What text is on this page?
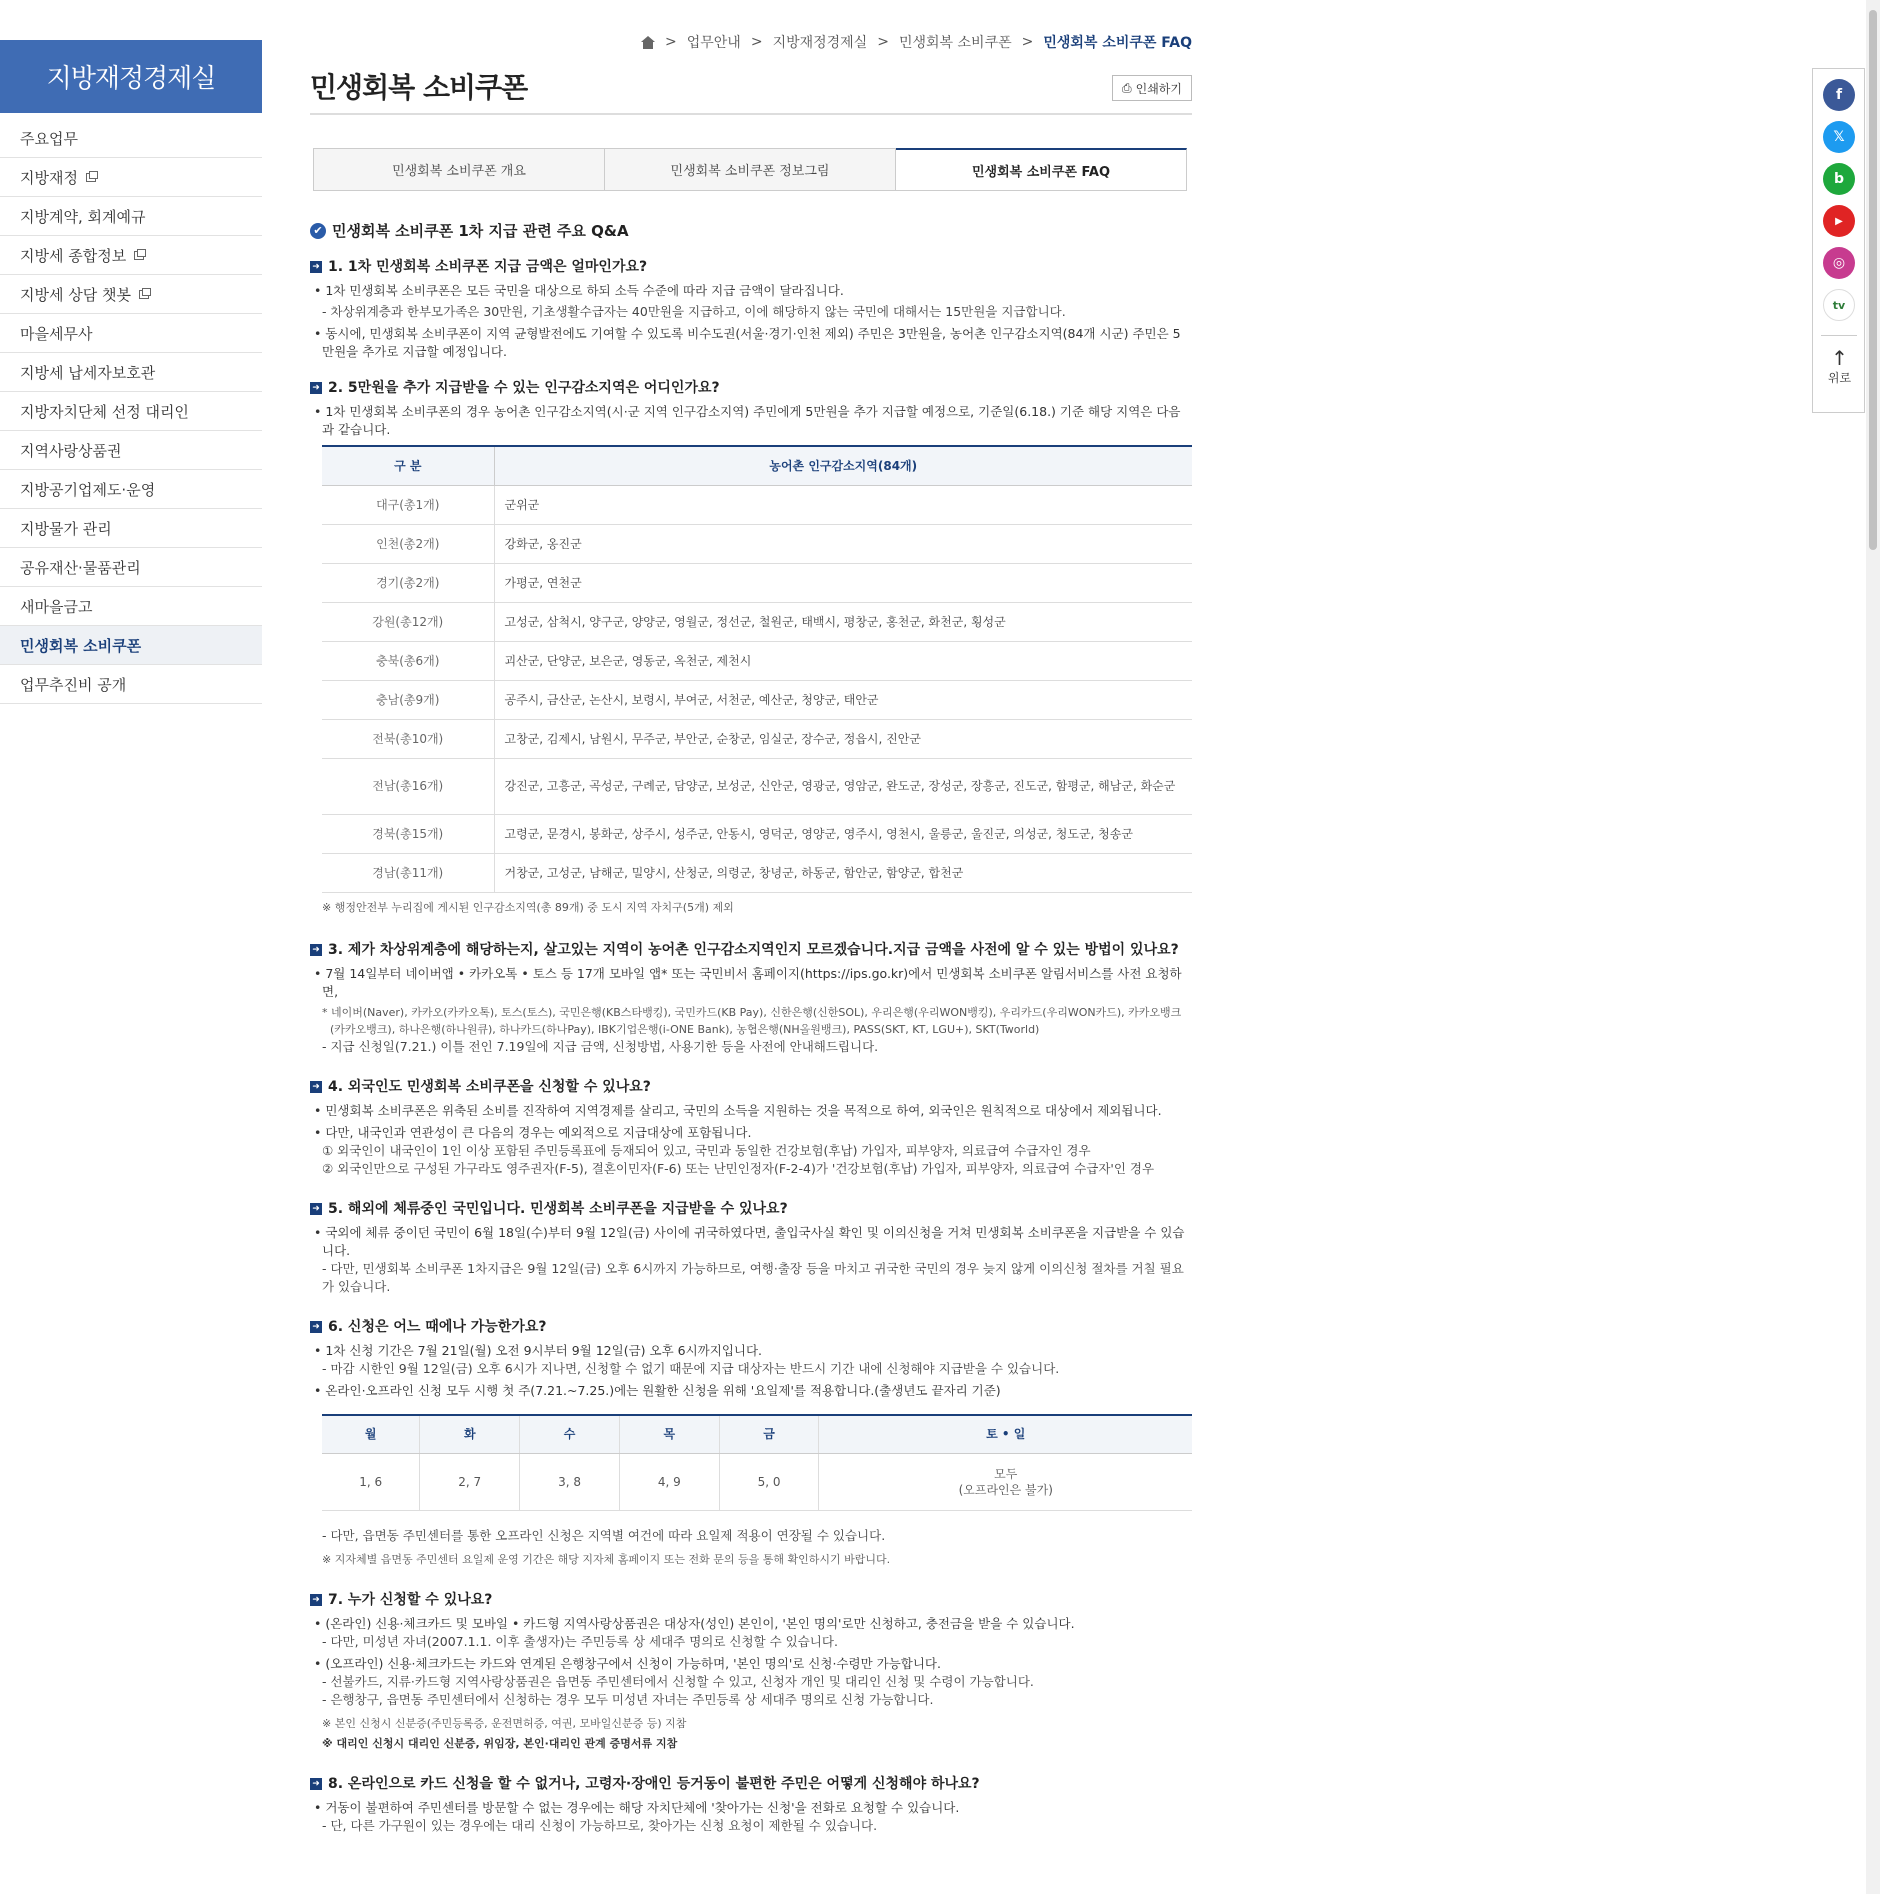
지방재정경제실
주요업무
지방재정
지방계약, 회계예규
지방세 종합정보
지방세 상담 챗봇
마을세무사
지방세 납세자보호관
지방자치단체 선정 대리인
지역사랑상품권
지방공기업제도·운영
지방물가 관리
공유재산·물품관리
새마을금고
민생회복 소비쿠폰
업무추진비 공개
> 업무안내 > 지방재정경제실 > 민생회복 소비쿠폰 > 민생회복 소비쿠폰 FAQ
민생회복 소비쿠폰	⎙ 인쇄하기
민생회복 소비쿠폰 개요	민생회복 소비쿠폰 정보그림	민생회복 소비쿠폰 FAQ
✔ 민생회복 소비쿠폰 1차 지급 관련 주요 Q&A
➜ 1. 1차 민생회복 소비쿠폰 지급 금액은 얼마인가요?

• 1차 민생회복 소비쿠폰은 모든 국민을 대상으로 하되 소득 수준에 따라 지급 금액이 달라집니다.

- 차상위계층과 한부모가족은 30만원, 기초생활수급자는 40만원을 지급하고, 이에 해당하지 않는 국민에 대해서는 15만원을 지급합니다.

• 동시에, 민생회복 소비쿠폰이 지역 균형발전에도 기여할 수 있도록 비수도권(서울·경기·인천 제외) 주민은 3만원을, 농어촌 인구감소지역(84개 시군) 주민은 5만원을 추가로 지급할 예정입니다.

➜ 2. 5만원을 추가 지급받을 수 있는 인구감소지역은 어디인가요?

• 1차 민생회복 소비쿠폰의 경우 농어촌 인구감소지역(시·군 지역 인구감소지역) 주민에게 5만원을 추가 지급할 예정으로, 기준일(6.18.) 기준 해당 지역은 다음과 같습니다.

구 분	농어촌 인구감소지역(84개)
대구(총1개)	군위군
인천(총2개)	강화군, 옹진군
경기(총2개)	가평군, 연천군
강원(총12개)	고성군, 삼척시, 양구군, 양양군, 영월군, 정선군, 철원군, 태백시, 평창군, 홍천군, 화천군, 횡성군
충북(총6개)	괴산군, 단양군, 보은군, 영동군, 옥천군, 제천시
충남(총9개)	공주시, 금산군, 논산시, 보령시, 부여군, 서천군, 예산군, 청양군, 태안군
전북(총10개)	고창군, 김제시, 남원시, 무주군, 부안군, 순창군, 임실군, 장수군, 정읍시, 진안군
전남(총16개)	강진군, 고흥군, 곡성군, 구례군, 담양군, 보성군, 신안군, 영광군, 영암군, 완도군, 장성군, 장흥군, 진도군, 함평군, 해남군, 화순군
경북(총15개)	고령군, 문경시, 봉화군, 상주시, 성주군, 안동시, 영덕군, 영양군, 영주시, 영천시, 울릉군, 울진군, 의성군, 청도군, 청송군
경남(총11개)	거창군, 고성군, 남해군, 밀양시, 산청군, 의령군, 창녕군, 하동군, 함안군, 함양군, 합천군
※ 행정안전부 누리집에 게시된 인구감소지역(총 89개) 중 도시 지역 자치구(5개) 제외
➜ 3. 제가 차상위계층에 해당하는지, 살고있는 지역이 농어촌 인구감소지역인지 모르겠습니다.지급 금액을 사전에 알 수 있는 방법이 있나요?

• 7월 14일부터 네이버앱 • 카카오톡 • 토스 등 17개 모바일 앱* 또는 국민비서 홈페이지(https://ips.go.kr)에서 민생회복 소비쿠폰 알림서비스를 사전 요청하면,

* 네이버(Naver), 카카오(카카오톡), 토스(토스), 국민은행(KB스타뱅킹), 국민카드(KB Pay), 신한은행(신한SOL), 우리은행(우리WON뱅킹), 우리카드(우리WON카드), 카카오뱅크
(카카오뱅크), 하나은행(하나원큐), 하나카드(하나Pay), IBK기업은행(i-ONE Bank), 농협은행(NH올원뱅크), PASS(SKT, KT, LGU+), SKT(Tworld)

- 지급 신청일(7.21.) 이틀 전인 7.19일에 지급 금액, 신청방법, 사용기한 등을 사전에 안내해드립니다.

➜ 4. 외국인도 민생회복 소비쿠폰을 신청할 수 있나요?

• 민생회복 소비쿠폰은 위축된 소비를 진작하여 지역경제를 살리고, 국민의 소득을 지원하는 것을 목적으로 하여, 외국인은 원칙적으로 대상에서 제외됩니다.

• 다만, 내국인과 연관성이 큰 다음의 경우는 예외적으로 지급대상에 포함됩니다.

① 외국인이 내국인이 1인 이상 포함된 주민등록표에 등재되어 있고, 국민과 동일한 건강보험(후납) 가입자, 피부양자, 의료급여 수급자인 경우

② 외국인만으로 구성된 가구라도 영주권자(F-5), 결혼이민자(F-6) 또는 난민인정자(F-2-4)가 '건강보험(후납) 가입자, 피부양자, 의료급여 수급자'인 경우

➜ 5. 해외에 체류중인 국민입니다. 민생회복 소비쿠폰을 지급받을 수 있나요?

• 국외에 체류 중이던 국민이 6월 18일(수)부터 9월 12일(금) 사이에 귀국하였다면, 출입국사실 확인 및 이의신청을 거쳐 민생회복 소비쿠폰을 지급받을 수 있습니다.

- 다만, 민생회복 소비쿠폰 1차지급은 9월 12일(금) 오후 6시까지 가능하므로, 여행·출장 등을 마치고 귀국한 국민의 경우 늦지 않게 이의신청 절차를 거칠 필요가 있습니다.

➜ 6. 신청은 어느 때에나 가능한가요?

• 1차 신청 기간은 7월 21일(월) 오전 9시부터 9월 12일(금) 오후 6시까지입니다.

- 마감 시한인 9월 12일(금) 오후 6시가 지나면, 신청할 수 없기 때문에 지급 대상자는 반드시 기간 내에 신청해야 지급받을 수 있습니다.

• 온라인·오프라인 신청 모두 시행 첫 주(7.21.~7.25.)에는 원활한 신청을 위해 '요일제'를 적용합니다.(출생년도 끝자리 기준)

월	화	수	목	금	토 • 일
1, 6	2, 7	3, 8	4, 9	5, 0	모두
(오프라인은 불가)

- 다만, 읍면동 주민센터를 통한 오프라인 신청은 지역별 여건에 따라 요일제 적용이 연장될 수 있습니다.

※ 지자체별 읍면동 주민센터 요일제 운영 기간은 해당 지자체 홈페이지 또는 전화 문의 등을 통해 확인하시기 바랍니다.
➜ 7. 누가 신청할 수 있나요?

• (온라인) 신용·체크카드 및 모바일 • 카드형 지역사랑상품권은 대상자(성인) 본인이, '본인 명의'로만 신청하고, 충전금을 받을 수 있습니다.

- 다만, 미성년 자녀(2007.1.1. 이후 출생자)는 주민등록 상 세대주 명의로 신청할 수 있습니다.

• (오프라인) 신용·체크카드는 카드와 연계된 은행창구에서 신청이 가능하며, '본인 명의'로 신청·수령만 가능합니다.

- 선불카드, 지류·카드형 지역사랑상품권은 읍면동 주민센터에서 신청할 수 있고, 신청자 개인 및 대리인 신청 및 수령이 가능합니다.

- 은행창구, 읍면동 주민센터에서 신청하는 경우 모두 미성년 자녀는 주민등록 상 세대주 명의로 신청 가능합니다.

※ 본인 신청시 신분증(주민등록증, 운전면허증, 여권, 모바일신분증 등) 지참
※ 대리인 신청시 대리인 신분증, 위임장, 본인·대리인 관계 증명서류 지참
➜ 8. 온라인으로 카드 신청을 할 수 없거나, 고령자·장애인 등거동이 불편한 주민은 어떻게 신청해야 하나요?

• 거동이 불편하여 주민센터를 방문할 수 없는 경우에는 해당 자치단체에 '찾아가는 신청'을 전화로 요청할 수 있습니다.

- 단, 다른 가구원이 있는 경우에는 대리 신청이 가능하므로, 찾아가는 신청 요청이 제한될 수 있습니다.

f
𝕏
b
▶
◎
tv
↑
위로
